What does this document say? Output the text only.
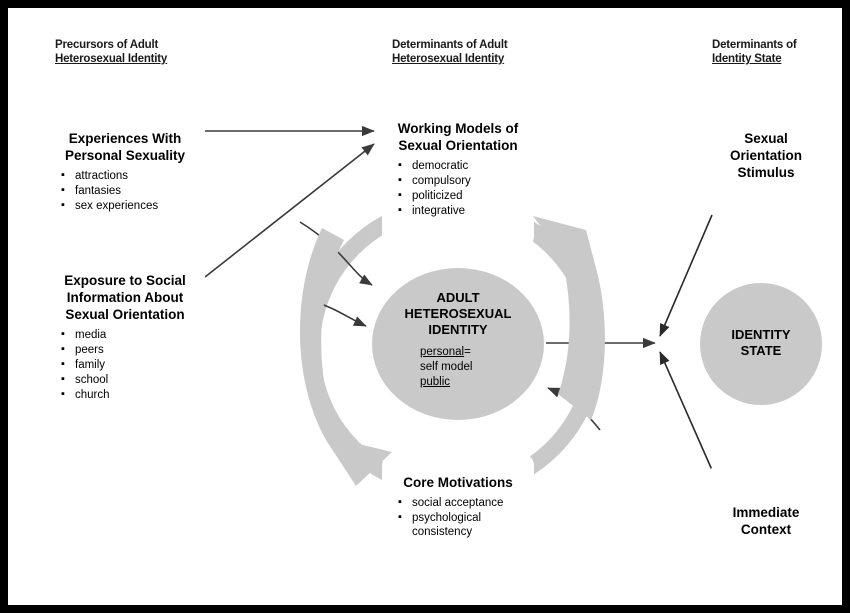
Precursors of Adult
Heterosexual Identity
Determinants of Adult
Heterosexual Identity
Determinants of
Identity State
Experiences With
Personal Sexuality
▪ attractions
▪ fantasies
▪ sex experiences
Exposure to Social
Information About
Sexual Orientation
▪ media
▪ peers
▪ family
▪ school
▪ church
Working Models of
Sexual Orientation
▪ democratic
▪ compulsory
▪ politicized
▪ integrative
Core Motivations
▪ social acceptance
▪ psychological consistency
Sexual
Orientation
Stimulus
Immediate
Context
ADULT
HETEROSEXUAL
IDENTITY
personal=
self model
public
IDENTITY
STATE
